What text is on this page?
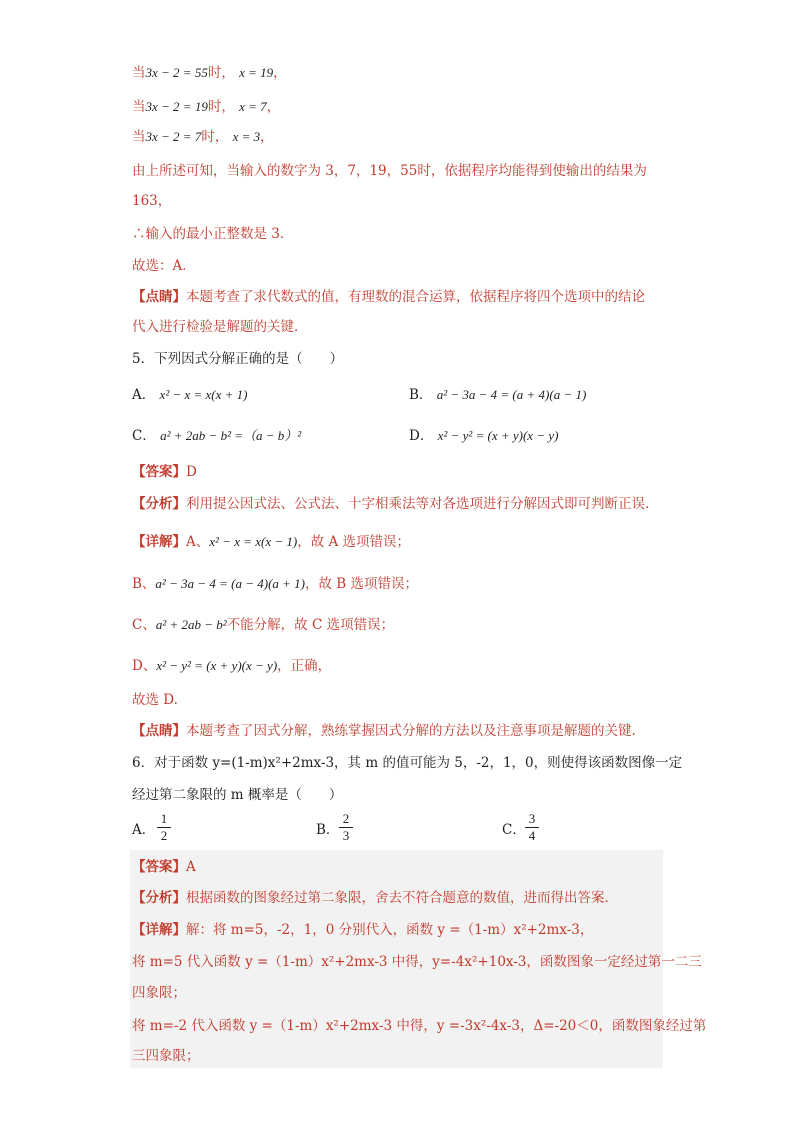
当3x − 2 = 55时， x = 19，
当3x − 2 = 19时， x = 7，
当3x − 2 = 7时， x = 3，
由上所述可知，当输入的数字为 3，7，19，55时，依据程序均能得到使输出的结果为
163，
∴输入的最小正整数是 3．
故选：A．
【点睛】本题考查了求代数式的值，有理数的混合运算，依据程序将四个选项中的结论
代入进行检验是解题的关键．
5．下列因式分解正确的是（　　）
A． x² − x = x(x + 1)	B． a² − 3a − 4 = (a + 4)(a − 1)
C． a² + 2ab − b² =（a − b）²	D． x² − y² = (x + y)(x − y)
【答案】D
【分析】利用提公因式法、公式法、十字相乘法等对各选项进行分解因式即可判断正误.
【详解】A、x² − x = x(x − 1)，故 A 选项错误；
B、a² − 3a − 4 = (a − 4)(a + 1)，故 B 选项错误；
C、a² + 2ab − b²不能分解，故 C 选项错误；
D、x² − y² = (x + y)(x − y)，正确，
故选 D.
【点睛】本题考查了因式分解，熟练掌握因式分解的方法以及注意事项是解题的关键.
6．对于函数 y=(1-m)x²+2mx-3，其 m 的值可能为 5，-2，1，0，则使得该函数图像一定
经过第二象限的 m 概率是（　　）
A．
1
2	B．
2
3	C．
3
4
【答案】A
【分析】根据函数的图象经过第二象限，舍去不符合题意的数值，进而得出答案．
【详解】解：将 m=5，-2，1，0 分别代入，函数 y =（1-m）x²+2mx-3，
将 m=5 代入函数 y =（1-m）x²+2mx-3 中得，y=-4x²+10x-3，函数图象一定经过第一二三
四象限；
将 m=-2 代入函数 y =（1-m）x²+2mx-3 中得，y =-3x²-4x-3，Δ=-20＜0，函数图象经过第
三四象限；
